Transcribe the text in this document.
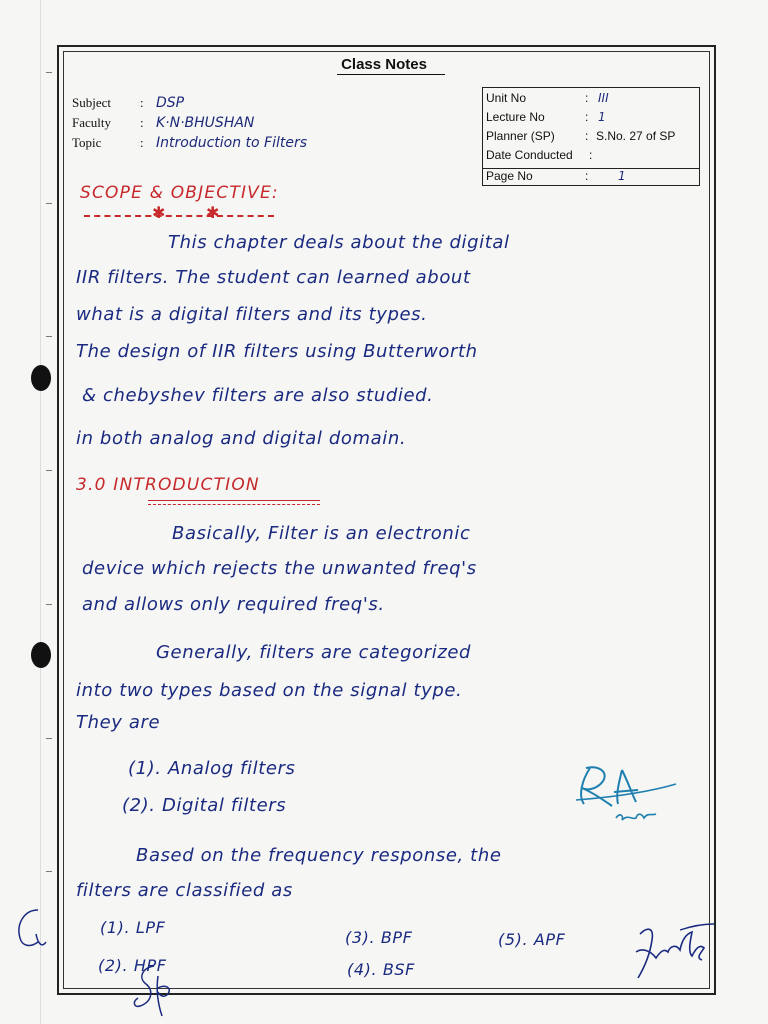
Class Notes
Subject : DSP
Faculty : K·N·BHUSHAN
Topic	: Introduction to Filters
Unit No	: III
Lecture No	: 1
Planner (SP)	: S.No. 27 of SP
Date Conducted :
Page No	: 1
SCOPE & OBJECTIVE:
✱	✱
This chapter deals about the digital
IIR filters. The student can learned about
what is a digital filters and its types.
The design of IIR filters using Butterworth
& chebyshev filters are also studied.
in both analog and digital domain.
3.0 INTRODUCTION
Basically, Filter is an electronic
device which rejects the unwanted freq's
and allows only required freq's.
Generally, filters are categorized
into two types based on the signal type.
They are
(1). Analog filters
(2). Digital filters
Based on the frequency response, the
filters are classified as
(1). LPF
(2). HPF
(3). BPF
(4). BSF
(5). APF
